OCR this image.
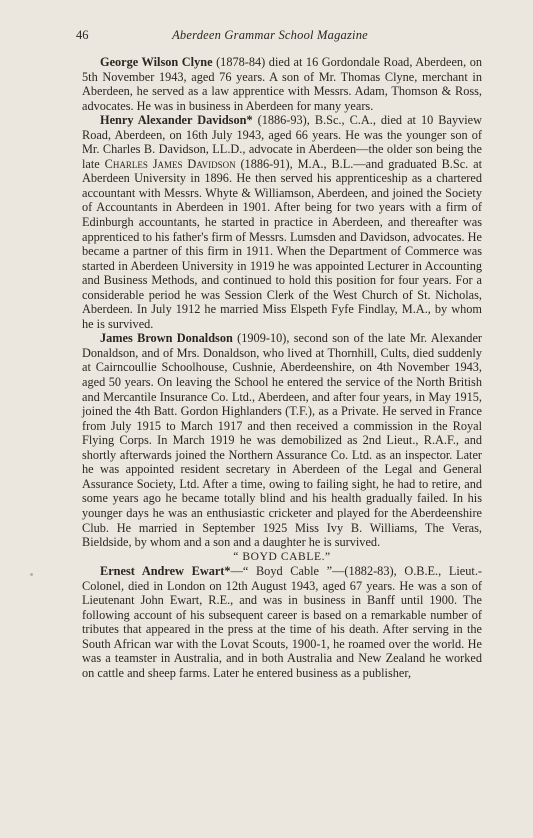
46	Aberdeen Grammar School Magazine

George Wilson Clyne (1878-84) died at 16 Gordondale Road, Aberdeen, on 5th November 1943, aged 76 years. A son of Mr. Thomas Clyne, merchant in Aberdeen, he served as a law apprentice with Messrs. Adam, Thomson & Ross, advocates. He was in business in Aberdeen for many years.

Henry Alexander Davidson* (1886-93), B.Sc., C.A., died at 10 Bayview Road, Aberdeen, on 16th July 1943, aged 66 years. He was the younger son of Mr. Charles B. Davidson, LL.D., advocate in Aberdeen—the older son being the late Charles James Davidson (1886-91), M.A., B.L.—and graduated B.Sc. at Aberdeen University in 1896. He then served his apprenticeship as a chartered accountant with Messrs. Whyte & Williamson, Aberdeen, and joined the Society of Accountants in Aberdeen in 1901. After being for two years with a firm of Edinburgh accountants, he started in practice in Aberdeen, and thereafter was apprenticed to his father's firm of Messrs. Lumsden and Davidson, advocates. He became a partner of this firm in 1911. When the Department of Commerce was started in Aberdeen University in 1919 he was appointed Lecturer in Accounting and Business Methods, and continued to hold this position for four years. For a considerable period he was Session Clerk of the West Church of St. Nicholas, Aberdeen. In July 1912 he married Miss Elspeth Fyfe Findlay, M.A., by whom he is survived.

James Brown Donaldson (1909-10), second son of the late Mr. Alexander Donaldson, and of Mrs. Donaldson, who lived at Thornhill, Cults, died suddenly at Cairncoullie Schoolhouse, Cushnie, Aberdeenshire, on 4th November 1943, aged 50 years. On leaving the School he entered the service of the North British and Mercantile Insurance Co. Ltd., Aberdeen, and after four years, in May 1915, joined the 4th Batt. Gordon Highlanders (T.F.), as a Private. He served in France from July 1915 to March 1917 and then received a commission in the Royal Flying Corps. In March 1919 he was demobilized as 2nd Lieut., R.A.F., and shortly afterwards joined the Northern Assurance Co. Ltd. as an inspector. Later he was appointed resident secretary in Aberdeen of the Legal and General Assurance Society, Ltd. After a time, owing to failing sight, he had to retire, and some years ago he became totally blind and his health gradually failed. In his younger days he was an enthusiastic cricketer and played for the Aberdeenshire Club. He married in September 1925 Miss Ivy B. Williams, The Veras, Bieldside, by whom and a son and a daughter he is survived.

“ BOYD CABLE.”

Ernest Andrew Ewart*—“ Boyd Cable ”—(1882-83), O.B.E., Lieut.-Colonel, died in London on 12th August 1943, aged 67 years. He was a son of Lieutenant John Ewart, R.E., and was in business in Banff until 1900. The following account of his subsequent career is based on a remarkable number of tributes that appeared in the press at the time of his death. After serving in the South African war with the Lovat Scouts, 1900-1, he roamed over the world. He was a teamster in Australia, and in both Australia and New Zealand he worked on cattle and sheep farms. Later he entered business as a publisher,
